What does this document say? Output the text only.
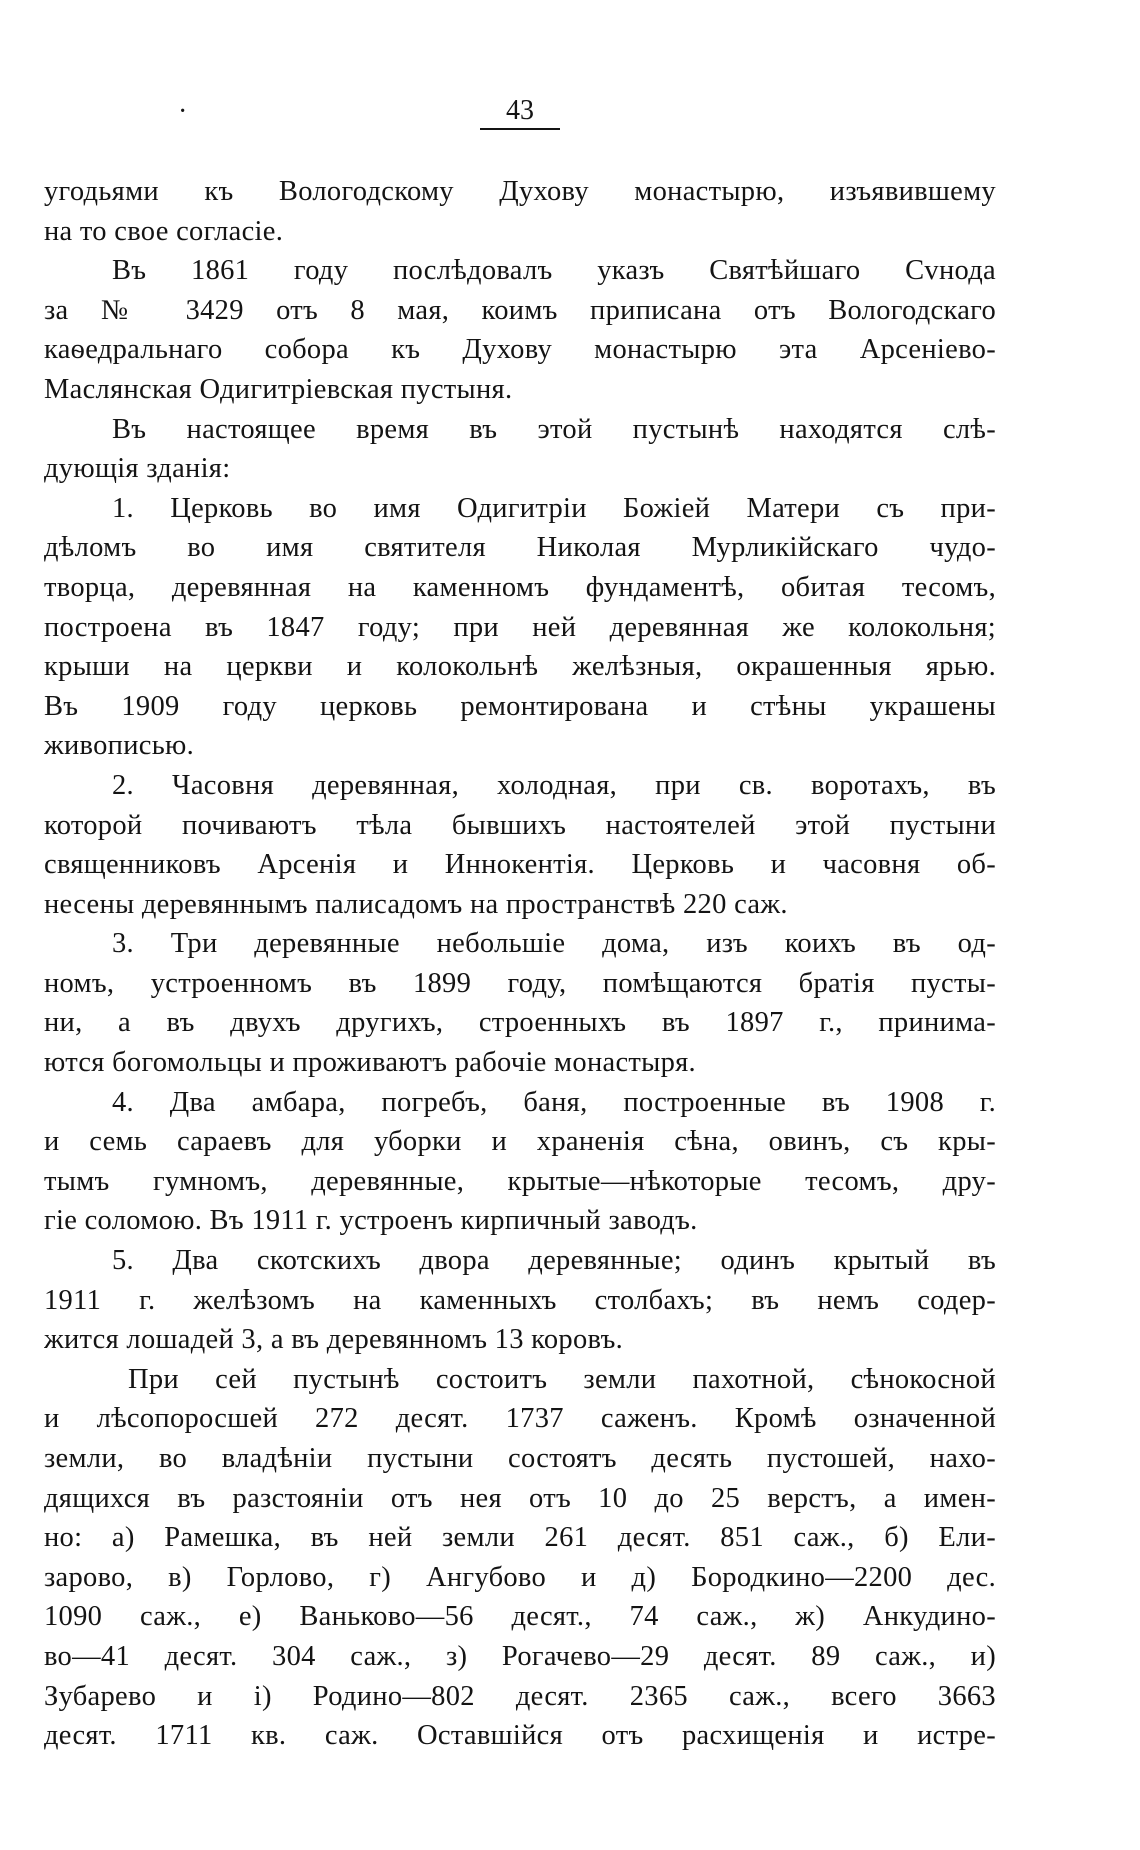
·	43
угодьями къ Вологодскому Духову монастырю, изъявившему
на то свое согласіе.
Въ 1861 году послѣдовалъ указъ Святѣйшаго Сvнода
за № 3429 отъ 8 мая, коимъ приписана отъ Вологодскаго
каѳедральнаго собора къ Духову монастырю эта Арсеніево-
Маслянская Одигитріевская пустыня.
Въ настоящее время въ этой пустынѣ находятся слѣ-
дующія зданія:
1. Церковь во имя Одигитріи Божіей Матери съ при-
дѣломъ во имя святителя Николая Мурликійскаго чудо-
творца, деревянная на каменномъ фундаментѣ, обитая тесомъ,
построена въ 1847 году; при ней деревянная же колокольня;
крыши на церкви и колокольнѣ желѣзныя, окрашенныя ярью.
Въ 1909 году церковь ремонтирована и стѣны украшены
живописью.
2. Часовня деревянная, холодная, при св. воротахъ, въ
которой почиваютъ тѣла бывшихъ настоятелей этой пустыни
священниковъ Арсенія и Иннокентія. Церковь и часовня об-
несены деревяннымъ палисадомъ на пространствѣ 220 саж.
3. Три деревянные небольшіе дома, изъ коихъ въ од-
номъ, устроенномъ въ 1899 году, помѣщаются братія пусты-
ни, а въ двухъ другихъ, строенныхъ въ 1897 г., принима-
ются богомольцы и проживаютъ рабочіе монастыря.
4. Два амбара, погребъ, баня, построенные въ 1908 г.
и семь сараевъ для уборки и храненія сѣна, овинъ, съ кры-
тымъ гумномъ, деревянные, крытые—нѣкоторые тесомъ, дру-
гіе соломою. Въ 1911 г. устроенъ кирпичный заводъ.
5. Два скотскихъ двора деревянные; одинъ крытый въ
1911 г. желѣзомъ на каменныхъ столбахъ; въ немъ содер-
жится лошадей 3, а въ деревянномъ 13 коровъ.
При сей пустынѣ состоитъ земли пахотной, сѣнокосной
и лѣсопоросшей 272 десят. 1737 саженъ. Кромѣ означенной
земли, во владѣніи пустыни состоятъ десять пустошей, нахо-
дящихся въ разстояніи отъ нея отъ 10 до 25 верстъ, а имен-
но: а) Рамешка, въ ней земли 261 десят. 851 саж., б) Ели-
зарово, в) Горлово, г) Ангубово и д) Бородкино—2200 дес.
1090 саж., е) Ваньково—56 десят., 74 саж., ж) Анкудино-
во—41 десят. 304 саж., з) Рогачево—29 десят. 89 саж., и)
Зубарево и і) Родино—802 десят. 2365 саж., всего 3663
десят. 1711 кв. саж. Оставшійся отъ расхищенія и истре-
